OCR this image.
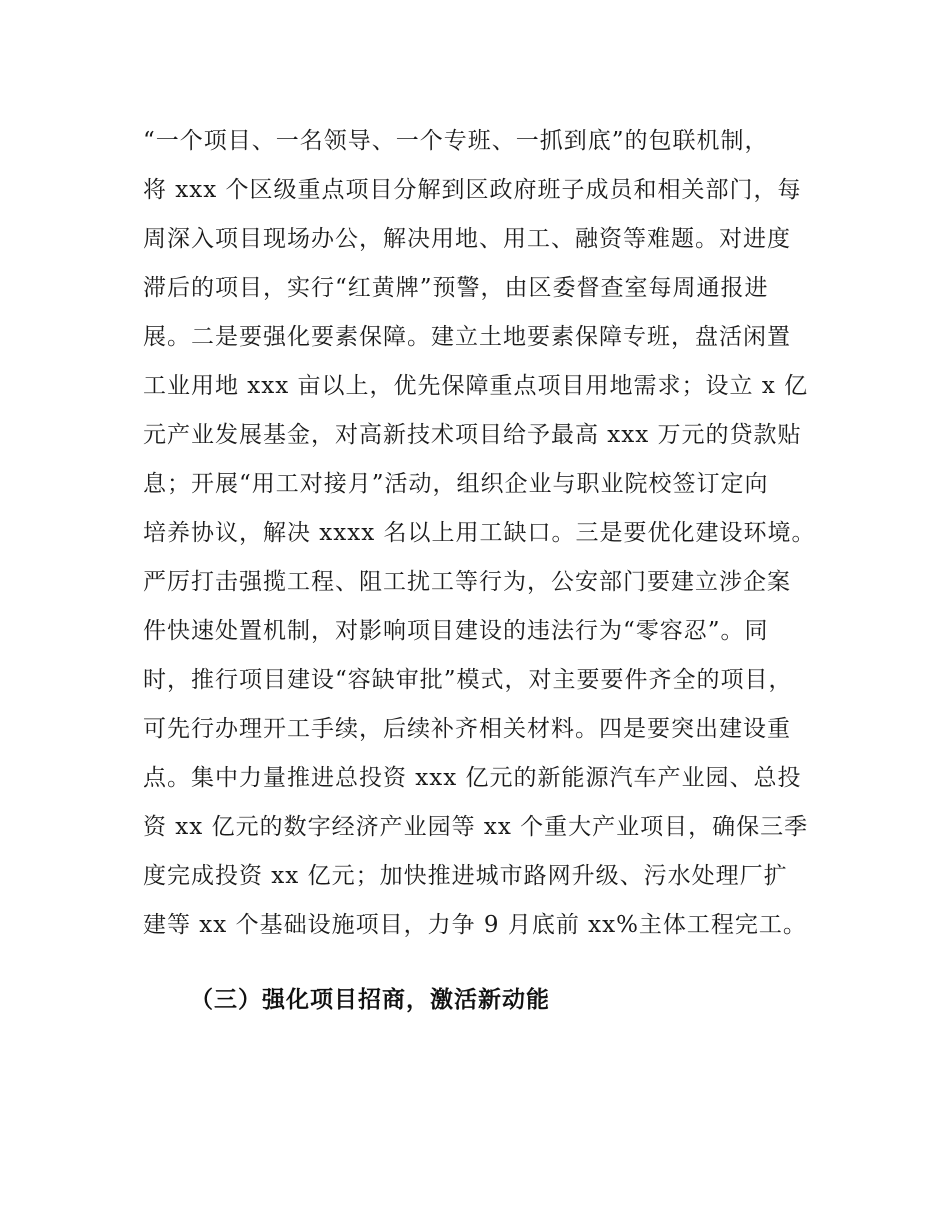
“一个项目、一名领导、一个专班、一抓到底”的包联机制，
将 xxx 个区级重点项目分解到区政府班子成员和相关部门，每
周深入项目现场办公，解决用地、用工、融资等难题。对进度
滞后的项目，实行“红黄牌”预警，由区委督查室每周通报进
展。二是要强化要素保障。建立土地要素保障专班，盘活闲置
工业用地 xxx 亩以上，优先保障重点项目用地需求；设立 x 亿
元产业发展基金，对高新技术项目给予最高 xxx 万元的贷款贴
息；开展“用工对接月”活动，组织企业与职业院校签订定向
培养协议，解决 xxxx 名以上用工缺口。三是要优化建设环境。
严厉打击强揽工程、阻工扰工等行为，公安部门要建立涉企案
件快速处置机制，对影响项目建设的违法行为“零容忍”。同
时，推行项目建设“容缺审批”模式，对主要要件齐全的项目，
可先行办理开工手续，后续补齐相关材料。四是要突出建设重
点。集中力量推进总投资 xxx 亿元的新能源汽车产业园、总投
资 xx 亿元的数字经济产业园等 xx 个重大产业项目，确保三季
度完成投资 xx 亿元；加快推进城市路网升级、污水处理厂扩
建等 xx 个基础设施项目，力争 9 月底前 xx%主体工程完工。
（三）强化项目招商，激活新动能
